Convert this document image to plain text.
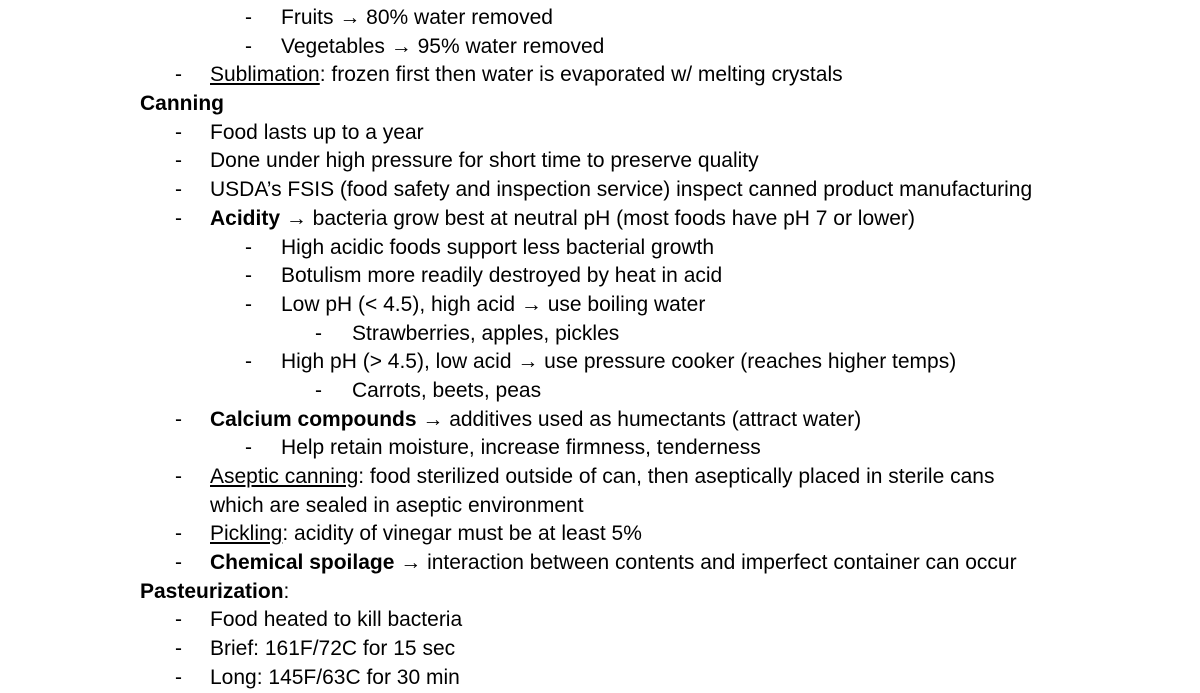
- Fruits → 80% water removed
- Vegetables → 95% water removed
- Sublimation: frozen first then water is evaporated w/ melting crystals
Canning
- Food lasts up to a year
- Done under high pressure for short time to preserve quality
- USDA’s FSIS (food safety and inspection service) inspect canned product manufacturing
- Acidity → bacteria grow best at neutral pH (most foods have pH 7 or lower)
- High acidic foods support less bacterial growth
- Botulism more readily destroyed by heat in acid
- Low pH (< 4.5), high acid → use boiling water
- Strawberries, apples, pickles
- High pH (> 4.5), low acid → use pressure cooker (reaches higher temps)
- Carrots, beets, peas
- Calcium compounds → additives used as humectants (attract water)
- Help retain moisture, increase firmness, tenderness
- Aseptic canning: food sterilized outside of can, then aseptically placed in sterile cans
which are sealed in aseptic environment
- Pickling: acidity of vinegar must be at least 5%
- Chemical spoilage → interaction between contents and imperfect container can occur
Pasteurization:
- Food heated to kill bacteria
- Brief: 161F/72C for 15 sec
- Long: 145F/63C for 30 min
